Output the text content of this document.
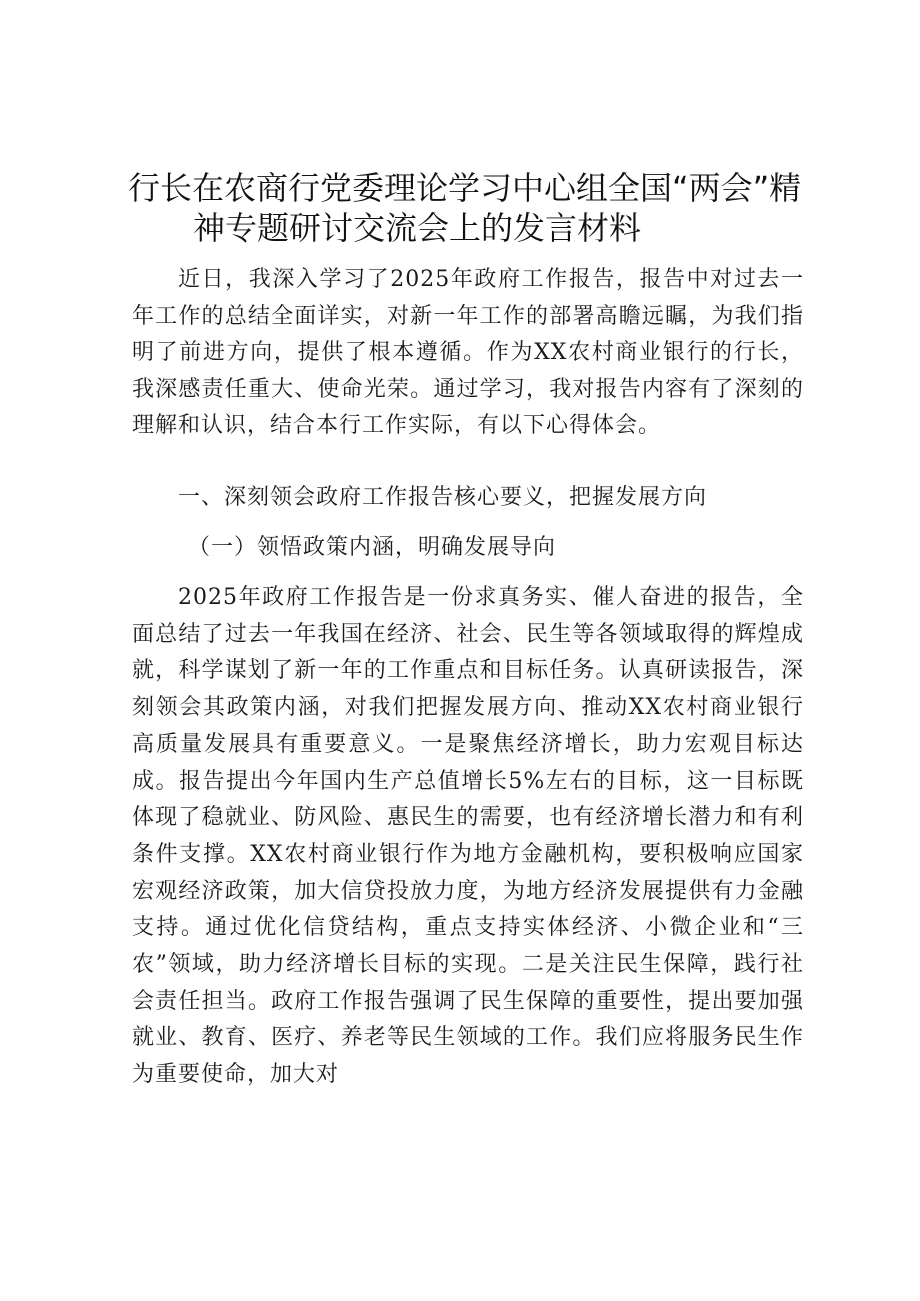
行长在农商行党委理论学习中心组全国“两会”精
神专题研讨交流会上的发言材料

近日，我深入学习了2025年政府工作报告，报告中对过去一年工作的总结全面详实，对新一年工作的部署高瞻远瞩，为我们指明了前进方向，提供了根本遵循。作为XX农村商业银行的行长，我深感责任重大、使命光荣。通过学习，我对报告内容有了深刻的理解和认识，结合本行工作实际，有以下心得体会。

一、深刻领会政府工作报告核心要义，把握发展方向

（一）领悟政策内涵，明确发展导向

2025年政府工作报告是一份求真务实、催人奋进的报告，全面总结了过去一年我国在经济、社会、民生等各领域取得的辉煌成就，科学谋划了新一年的工作重点和目标任务。认真研读报告，深刻领会其政策内涵，对我们把握发展方向、推动XX农村商业银行高质量发展具有重要意义。一是聚焦经济增长，助力宏观目标达成。报告提出今年国内生产总值增长5%左右的目标，这一目标既体现了稳就业、防风险、惠民生的需要，也有经济增长潜力和有利条件支撑。XX农村商业银行作为地方金融机构，要积极响应国家宏观经济政策，加大信贷投放力度，为地方经济发展提供有力金融支持。通过优化信贷结构，重点支持实体经济、小微企业和“三农”领域，助力经济增长目标的实现。二是关注民生保障，践行社会责任担当。政府工作报告强调了民生保障的重要性，提出要加强就业、教育、医疗、养老等民生领域的工作。我们应将服务民生作为重要使命，加大对
